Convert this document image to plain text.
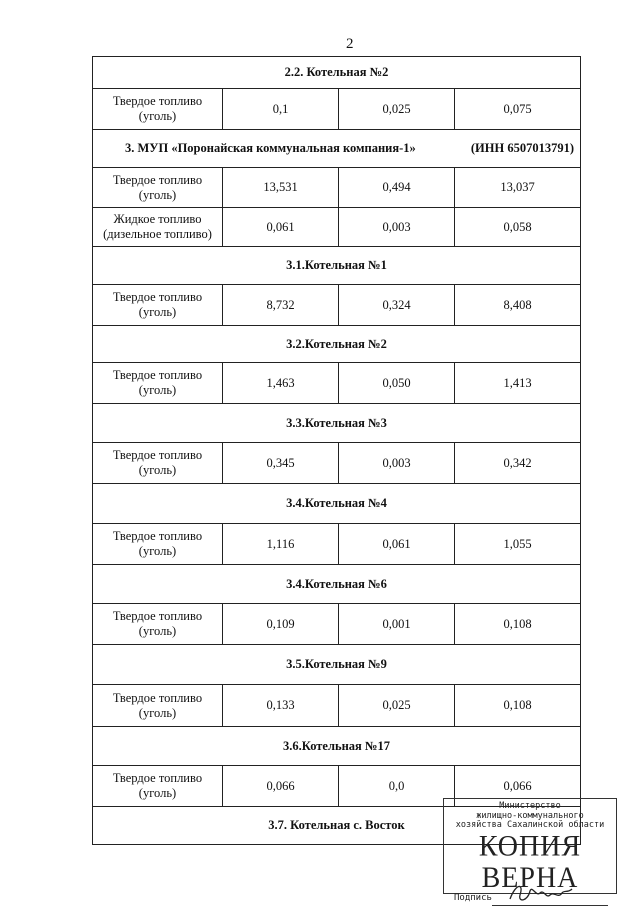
2
2.2. Котельная №2
Твердое топливо (уголь)
0,1	0,025	0,075
3. МУП «Поронайская коммунальная компания-1»	(ИНН 6507013791)
Твердое топливо (уголь)
13,531	0,494	13,037
Жидкое топливо (дизельное топливо)
0,061	0,003	0,058
3.1.Котельная №1
Твердое топливо (уголь)
8,732	0,324	8,408
3.2.Котельная №2
Твердое топливо (уголь)
1,463	0,050	1,413
3.3.Котельная №3
Твердое топливо (уголь)
0,345	0,003	0,342
3.4.Котельная №4
Твердое топливо (уголь)
1,116	0,061	1,055
3.4.Котельная №6
Твердое топливо (уголь)
0,109	0,001	0,108
3.5.Котельная №9
Твердое топливо (уголь)
0,133	0,025	0,108
3.6.Котельная №17
Твердое топливо (уголь)
0,066	0,0	0,066
3.7. Котельная с. Восток
Министерство
жилищно-коммунального
хозяйства Сахалинской области
КОПИЯ ВЕРНА
Подпись
